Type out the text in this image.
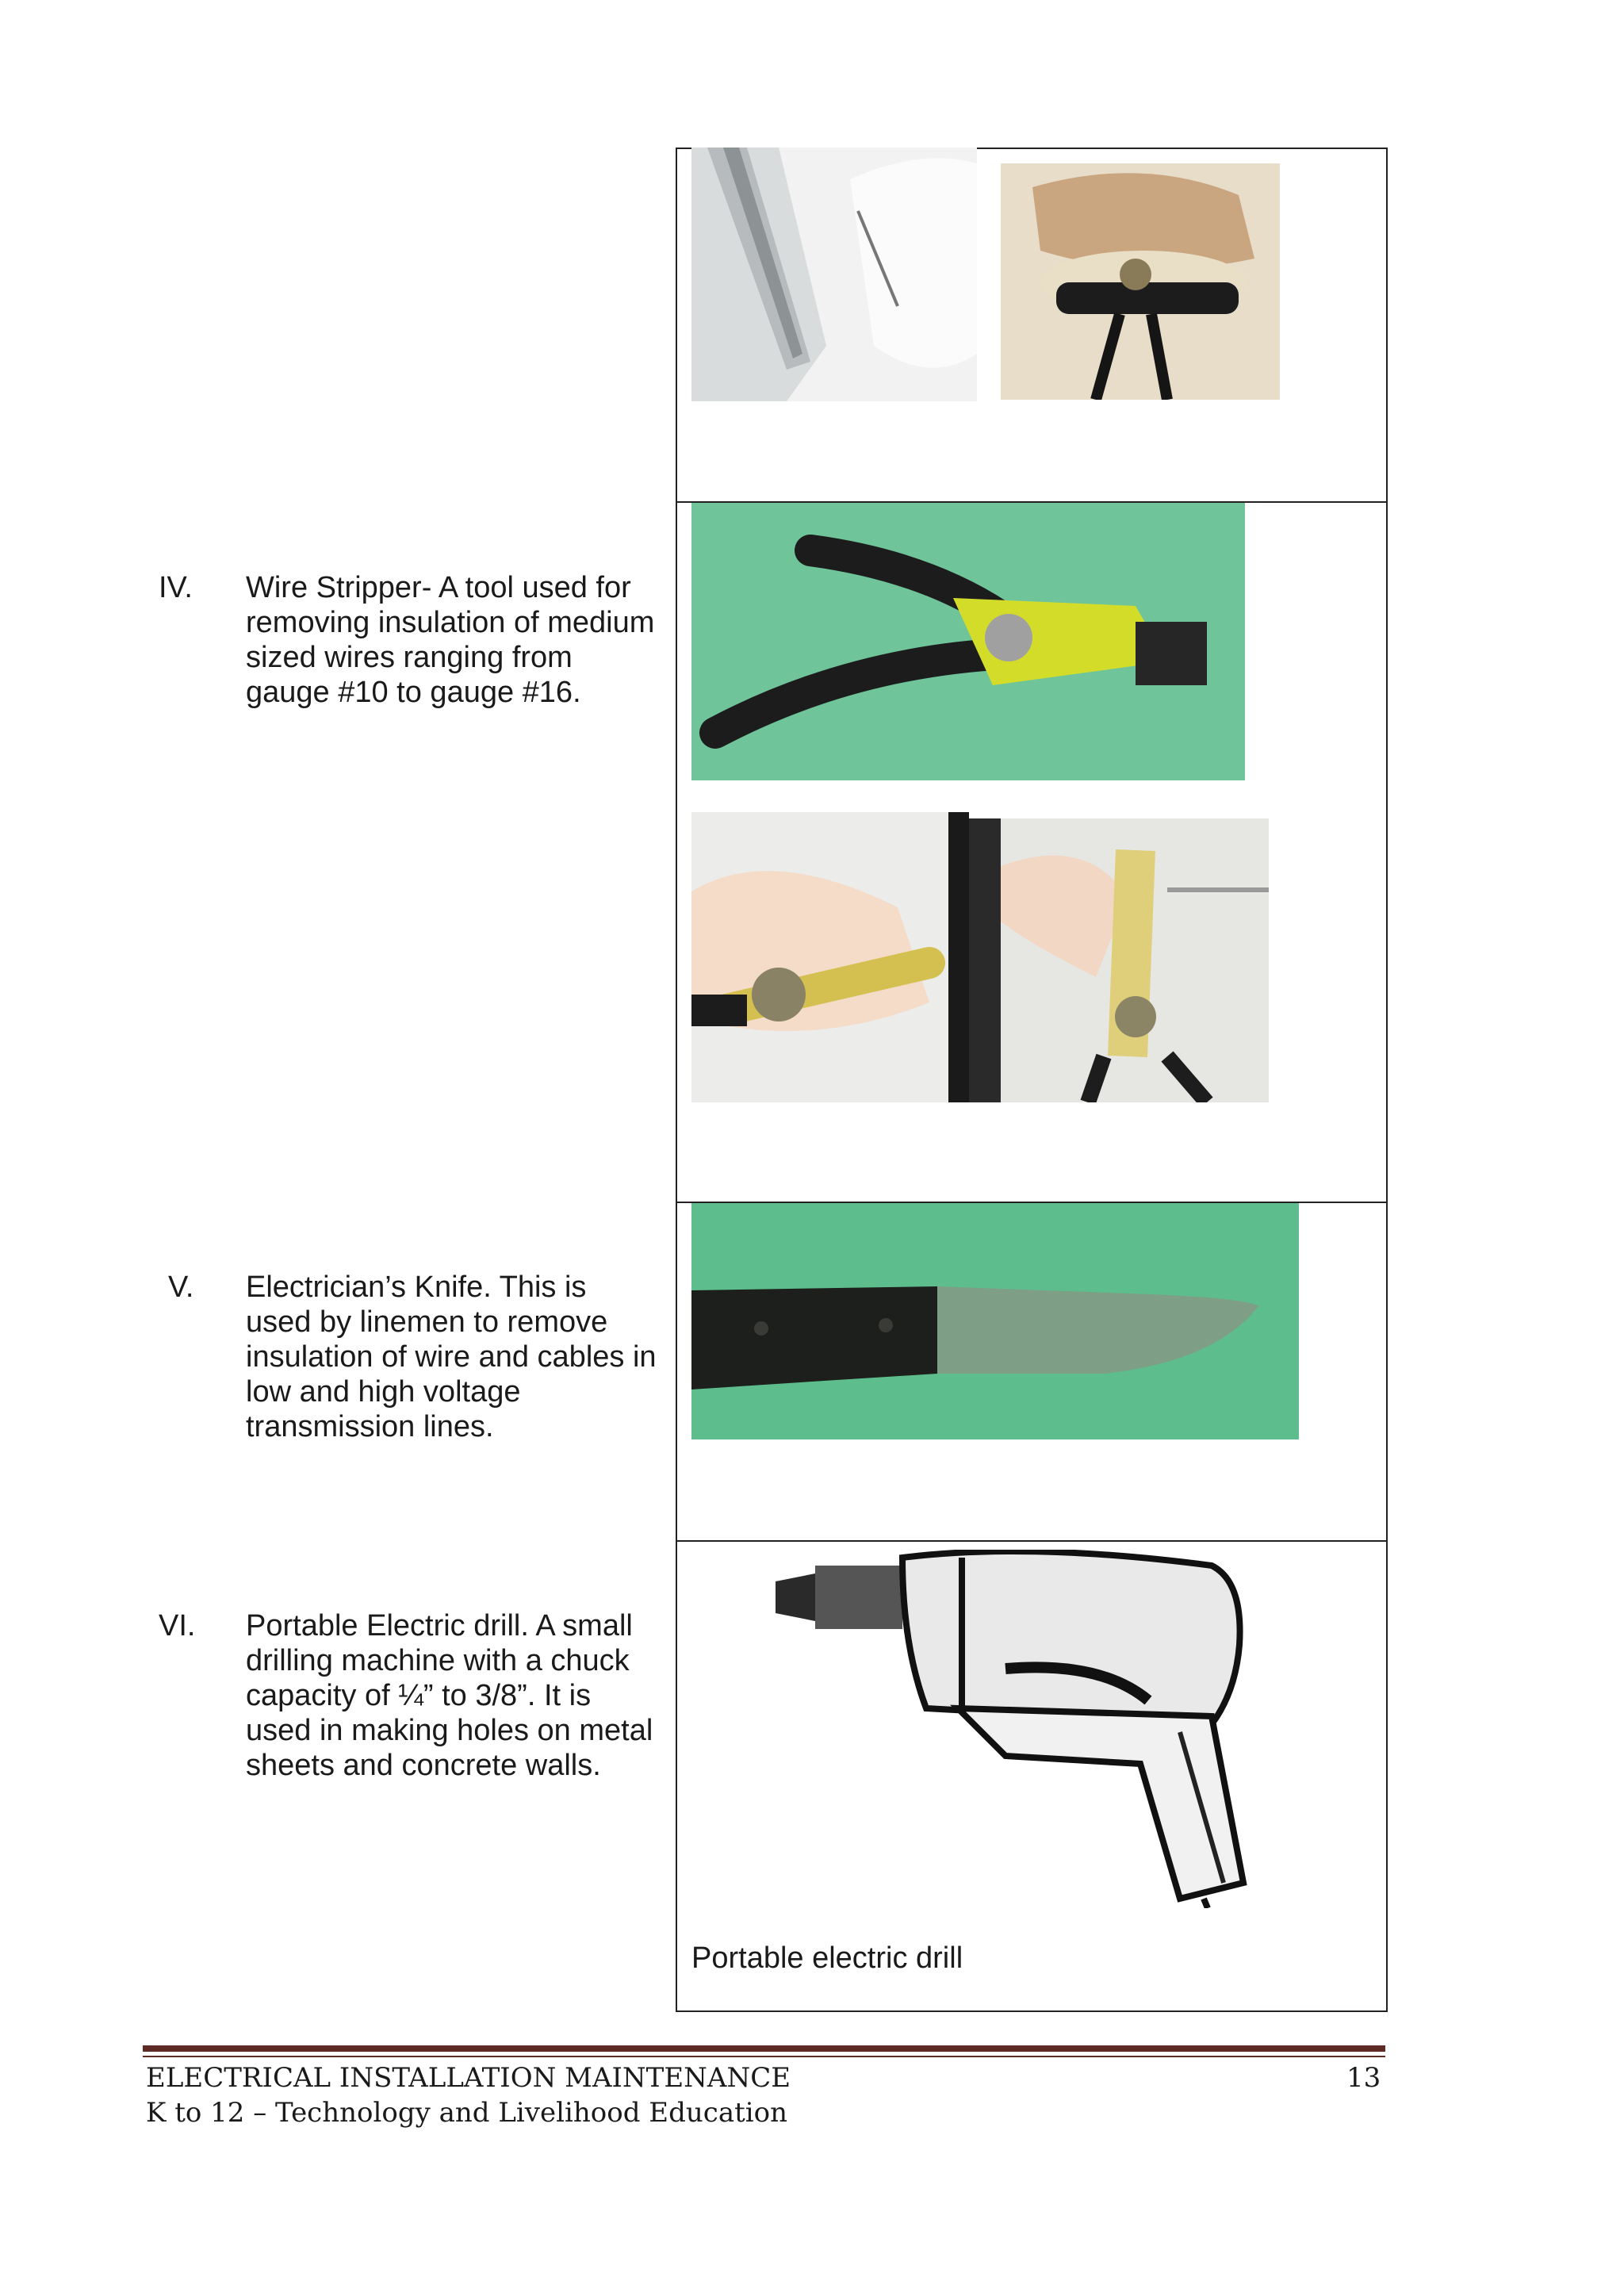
IV. Wire Stripper- A tool used for removing insulation of medium sized wires ranging from gauge #10 to gauge #16.
V. Electrician’s Knife. This is used by linemen to remove insulation of wire and cables in low and high voltage transmission lines.
VI. Portable Electric drill. A small drilling machine with a chuck capacity of ¼” to 3/8”. It is used in making holes on metal sheets and concrete walls.
Portable electric drill
ELECTRICAL INSTALLATION MAINTENANCE
K to 12 – Technology and Livelihood Education
13
